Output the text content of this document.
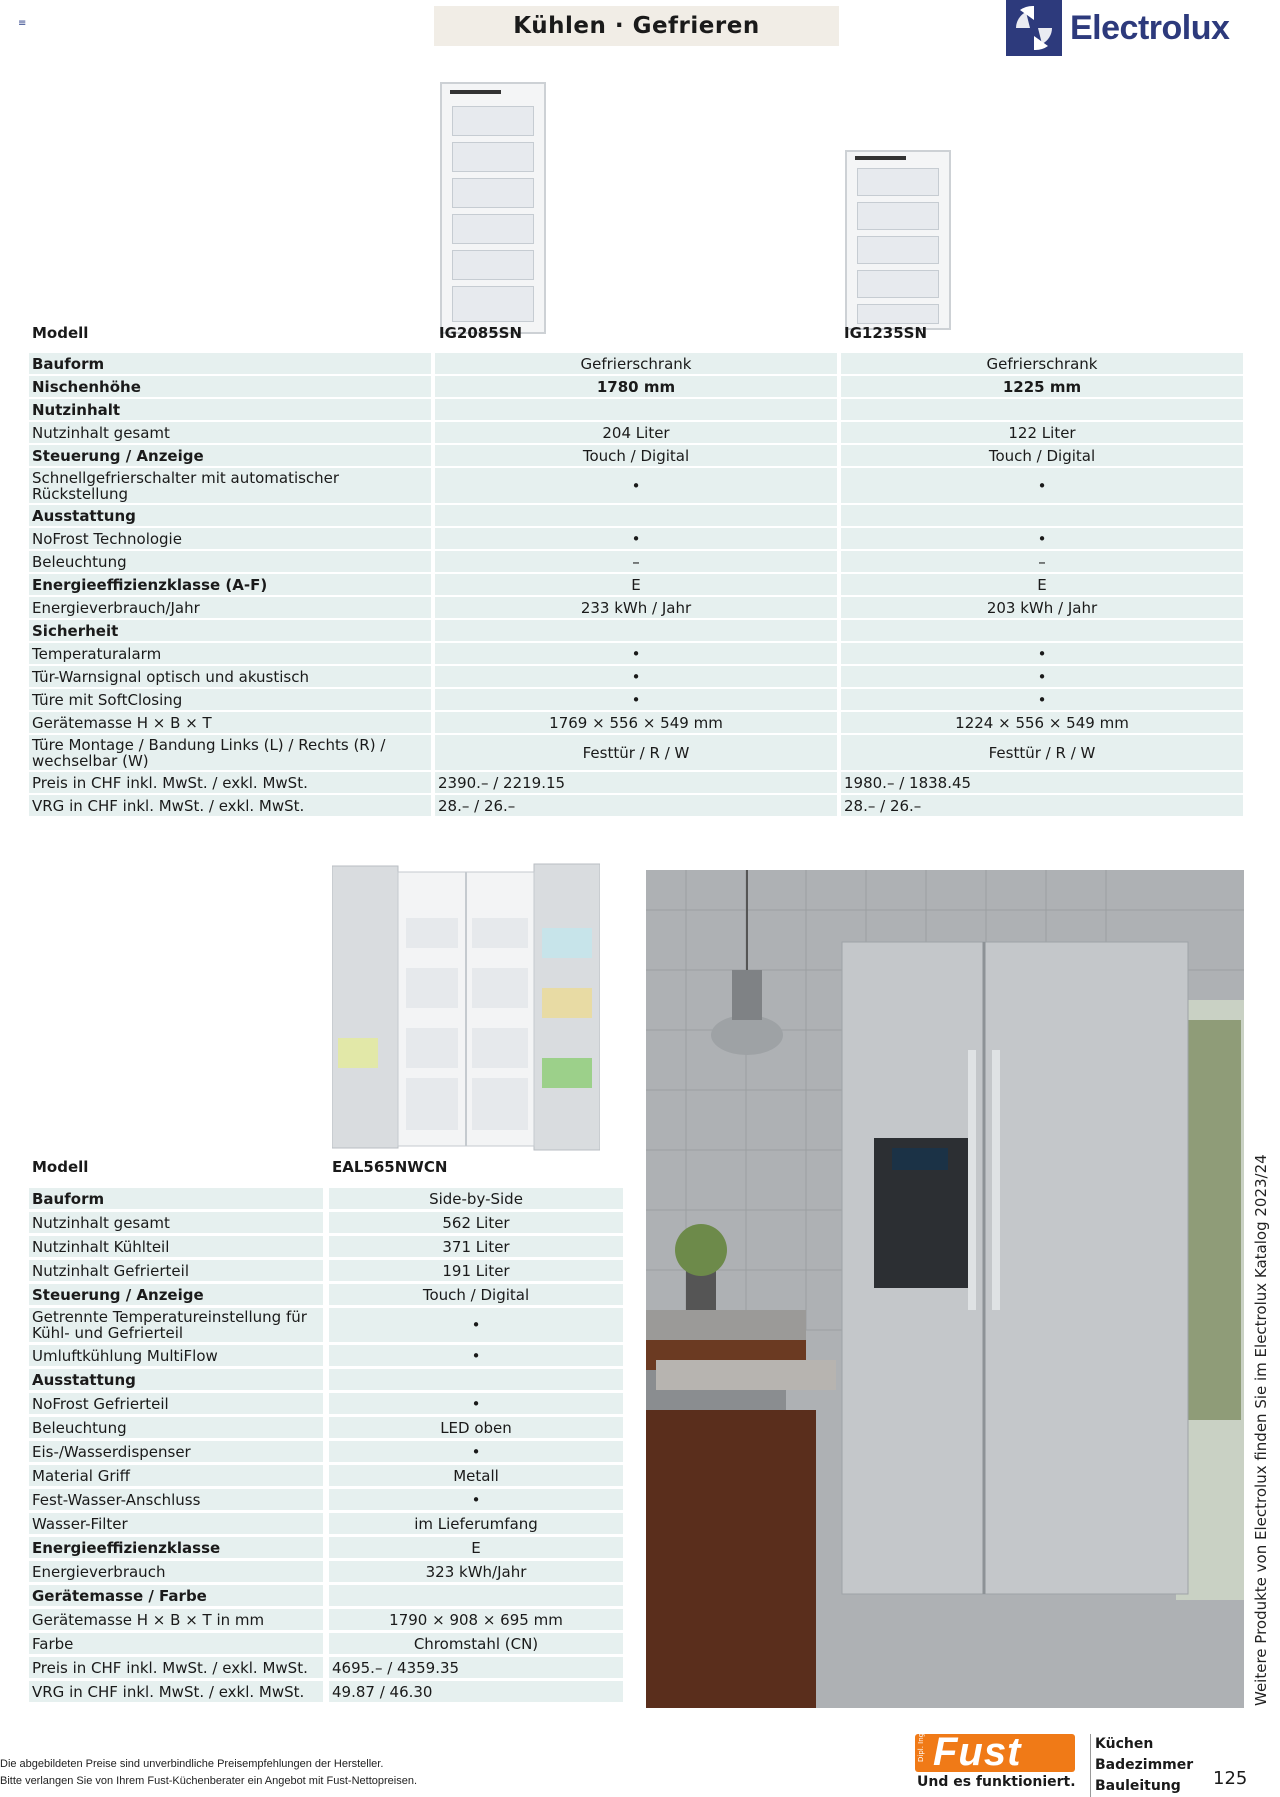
≡	Kühlen · Gefrieren	Electrolux
Modell	IG2085SN	IG1235SN
Bauform	Gefrierschrank	Gefrierschrank
Nischenhöhe	1780 mm	1225 mm
Nutzinhalt
Nutzinhalt gesamt	204 Liter	122 Liter
Steuerung / Anzeige	Touch / Digital	Touch / Digital
Schnellgefrierschalter mit automatischer Rückstellung	•	•
Ausstattung
NoFrost Technologie	•	•
Beleuchtung	–	–
Energieeffizienzklasse (A-F)	E	E
Energieverbrauch/Jahr	233 kWh / Jahr	203 kWh / Jahr
Sicherheit
Temperaturalarm	•	•
Tür-Warnsignal optisch und akustisch	•	•
Türe mit SoftClosing	•	•
Gerätemasse H × B × T	1769 × 556 × 549 mm	1224 × 556 × 549 mm
Türe Montage / Bandung Links (L) / Rechts (R) / wechselbar (W)	Festtür / R / W	Festtür / R / W
Preis in CHF inkl. MwSt. / exkl. MwSt.	2390.– / 2219.15	1980.– / 1838.45
VRG in CHF inkl. MwSt. / exkl. MwSt.	28.– / 26.–	28.– / 26.–
Modell	EAL565NWCN
Bauform	Side-by-Side
Nutzinhalt gesamt	562 Liter
Nutzinhalt Kühlteil	371 Liter
Nutzinhalt Gefrierteil	191 Liter
Steuerung / Anzeige	Touch / Digital
Getrennte Temperatureinstellung für Kühl- und Gefrierteil	•
Umluftkühlung MultiFlow	•
Ausstattung
NoFrost Gefrierteil	•
Beleuchtung	LED oben
Eis-/Wasserdispenser	•
Material Griff	Metall
Fest-Wasser-Anschluss	•
Wasser-Filter	im Lieferumfang
Energieeffizienzklasse	E
Energieverbrauch	323 kWh/Jahr
Gerätemasse / Farbe
Gerätemasse H × B × T in mm	1790 × 908 × 695 mm
Farbe	Chromstahl (CN)
Preis in CHF inkl. MwSt. / exkl. MwSt.	4695.– / 4359.35
VRG in CHF inkl. MwSt. / exkl. MwSt.	49.87 / 46.30	Weitere Produkte von Electrolux finden Sie im Electrolux Katalog 2023/24
Die abgebildeten Preise sind unverbindliche Preisempfehlungen der Hersteller.
Bitte verlangen Sie von Ihrem Fust-Küchenberater ein Angebot mit Fust-Nettopreisen.
Dipl. Ing. Fust
Und es funktioniert.
Küchen
Badezimmer
Bauleitung	125
